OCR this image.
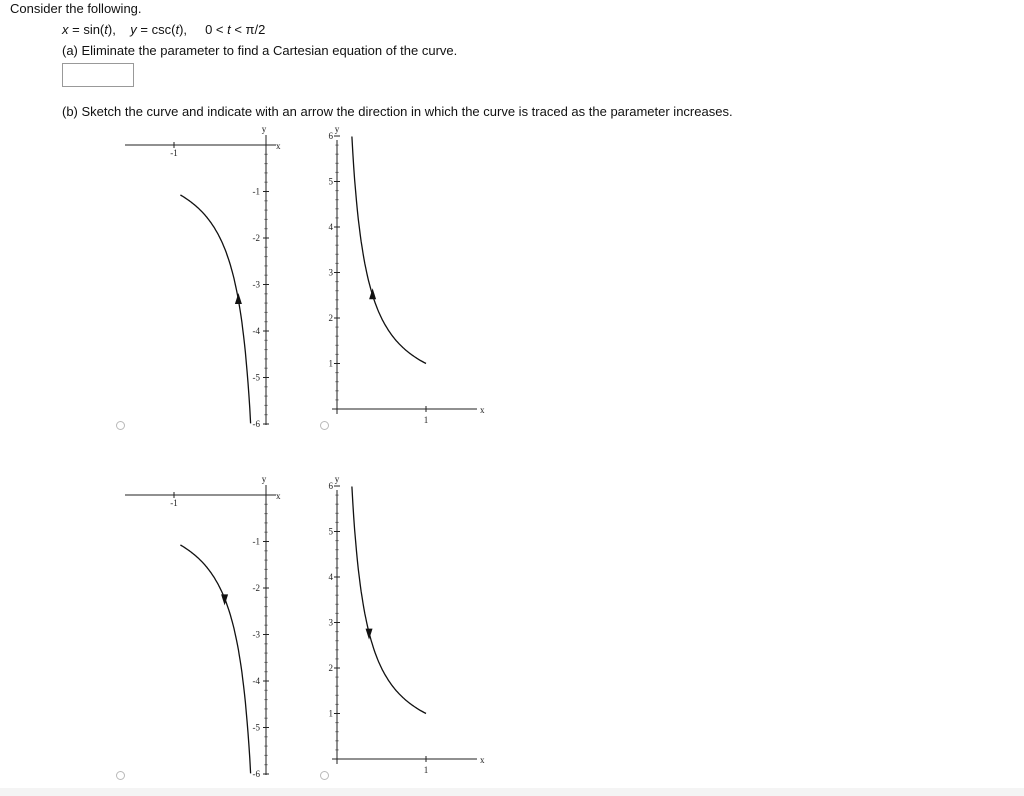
Consider the following.
x = sin(t),    y = csc(t),     0 < t < π/2
(a) Eliminate the parameter to find a Cartesian equation of the curve.
(b) Sketch the curve and indicate with an arrow the direction in which the curve is traced as the parameter increases.
y
x
-1
-1
-2
-3
-4
-5
-6
y
x
1
6
5
4
3
2
1
y
x
-1
-1
-2
-3
-4
-5
-6
y
x
1
6
5
4
3
2
1
